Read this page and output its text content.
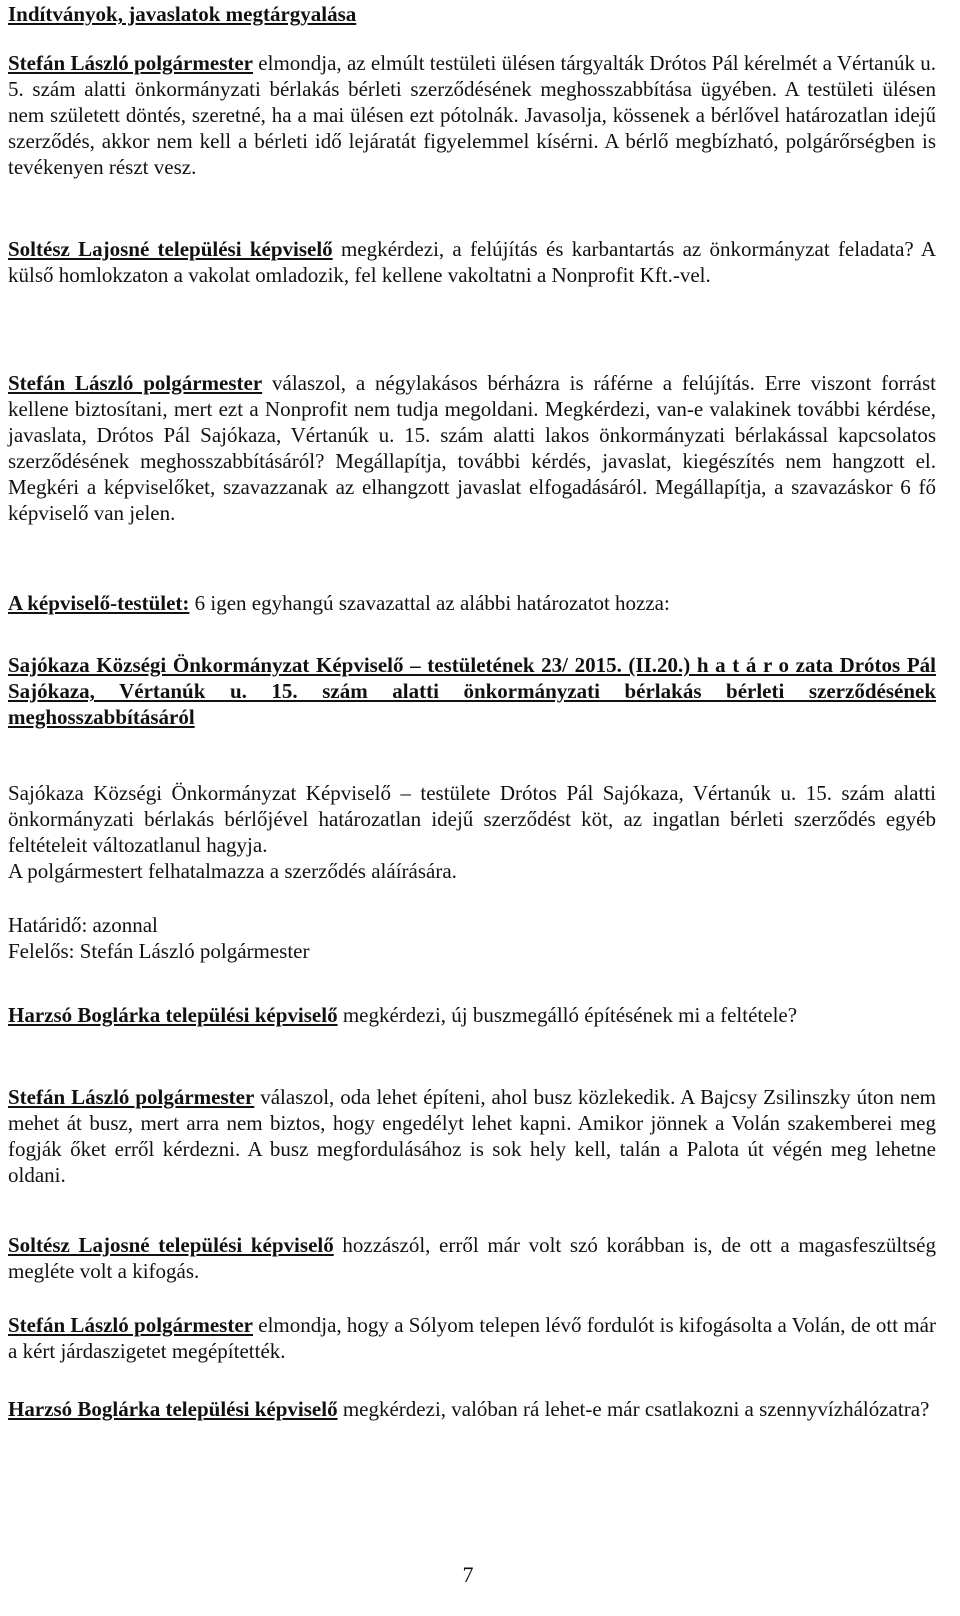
Indítványok, javaslatok megtárgyalása

Stefán László polgármester elmondja, az elmúlt testületi ülésen tárgyalták Drótos Pál kérelmét a Vértanúk u. 5. szám alatti önkormányzati bérlakás bérleti szerződésének meghosszabbítása ügyében. A testületi ülésen nem született döntés, szeretné, ha a mai ülésen ezt pótolnák. Javasolja, kössenek a bérlővel határozatlan idejű szerződés, akkor nem kell a bérleti idő lejáratát figyelemmel kísérni. A bérlő megbízható, polgárőrségben is tevékenyen részt vesz.

Soltész Lajosné települési képviselő megkérdezi, a felújítás és karbantartás az önkormányzat feladata? A külső homlokzaton a vakolat omladozik, fel kellene vakoltatni a Nonprofit Kft.-vel.

Stefán László polgármester válaszol, a négylakásos bérházra is ráférne a felújítás. Erre viszont forrást kellene biztosítani, mert ezt a Nonprofit nem tudja megoldani. Megkérdezi, van-e valakinek további kérdése, javaslata, Drótos Pál Sajókaza, Vértanúk u. 15. szám alatti lakos önkormányzati bérlakással kapcsolatos szerződésének meghosszabbításáról? Megállapítja, további kérdés, javaslat, kiegészítés nem hangzott el. Megkéri a képviselőket, szavazzanak az elhangzott javaslat elfogadásáról. Megállapítja, a szavazáskor 6 fő képviselő van jelen.

A képviselő-testület: 6 igen egyhangú szavazattal az alábbi határozatot hozza:

Sajókaza Községi Önkormányzat Képviselő – testületének 23/ 2015. (II.20.) h a t á r o zata Drótos Pál Sajókaza, Vértanúk u. 15. szám alatti önkormányzati bérlakás bérleti szerződésének meghosszabbításáról

Sajókaza Községi Önkormányzat Képviselő – testülete Drótos Pál Sajókaza, Vértanúk u. 15. szám alatti önkormányzati bérlakás bérlőjével határozatlan idejű szerződést köt, az ingatlan bérleti szerződés egyéb feltételeit változatlanul hagyja.

A polgármestert felhatalmazza a szerződés aláírására.

Határidő: azonnal

Felelős: Stefán László polgármester

Harzsó Boglárka települési képviselő megkérdezi, új buszmegálló építésének mi a feltétele?

Stefán László polgármester válaszol, oda lehet építeni, ahol busz közlekedik. A Bajcsy Zsilinszky úton nem mehet át busz, mert arra nem biztos, hogy engedélyt lehet kapni. Amikor jönnek a Volán szakemberei meg fogják őket erről kérdezni. A busz megfordulásához is sok hely kell, talán a Palota út végén meg lehetne oldani.

Soltész Lajosné települési képviselő hozzászól, erről már volt szó korábban is, de ott a magasfeszültség megléte volt a kifogás.

Stefán László polgármester elmondja, hogy a Sólyom telepen lévő fordulót is kifogásolta a Volán, de ott már a kért járdaszigetet megépítették.

Harzsó Boglárka települési képviselő megkérdezi, valóban rá lehet-e már csatlakozni a szennyvízhálózatra?

7
